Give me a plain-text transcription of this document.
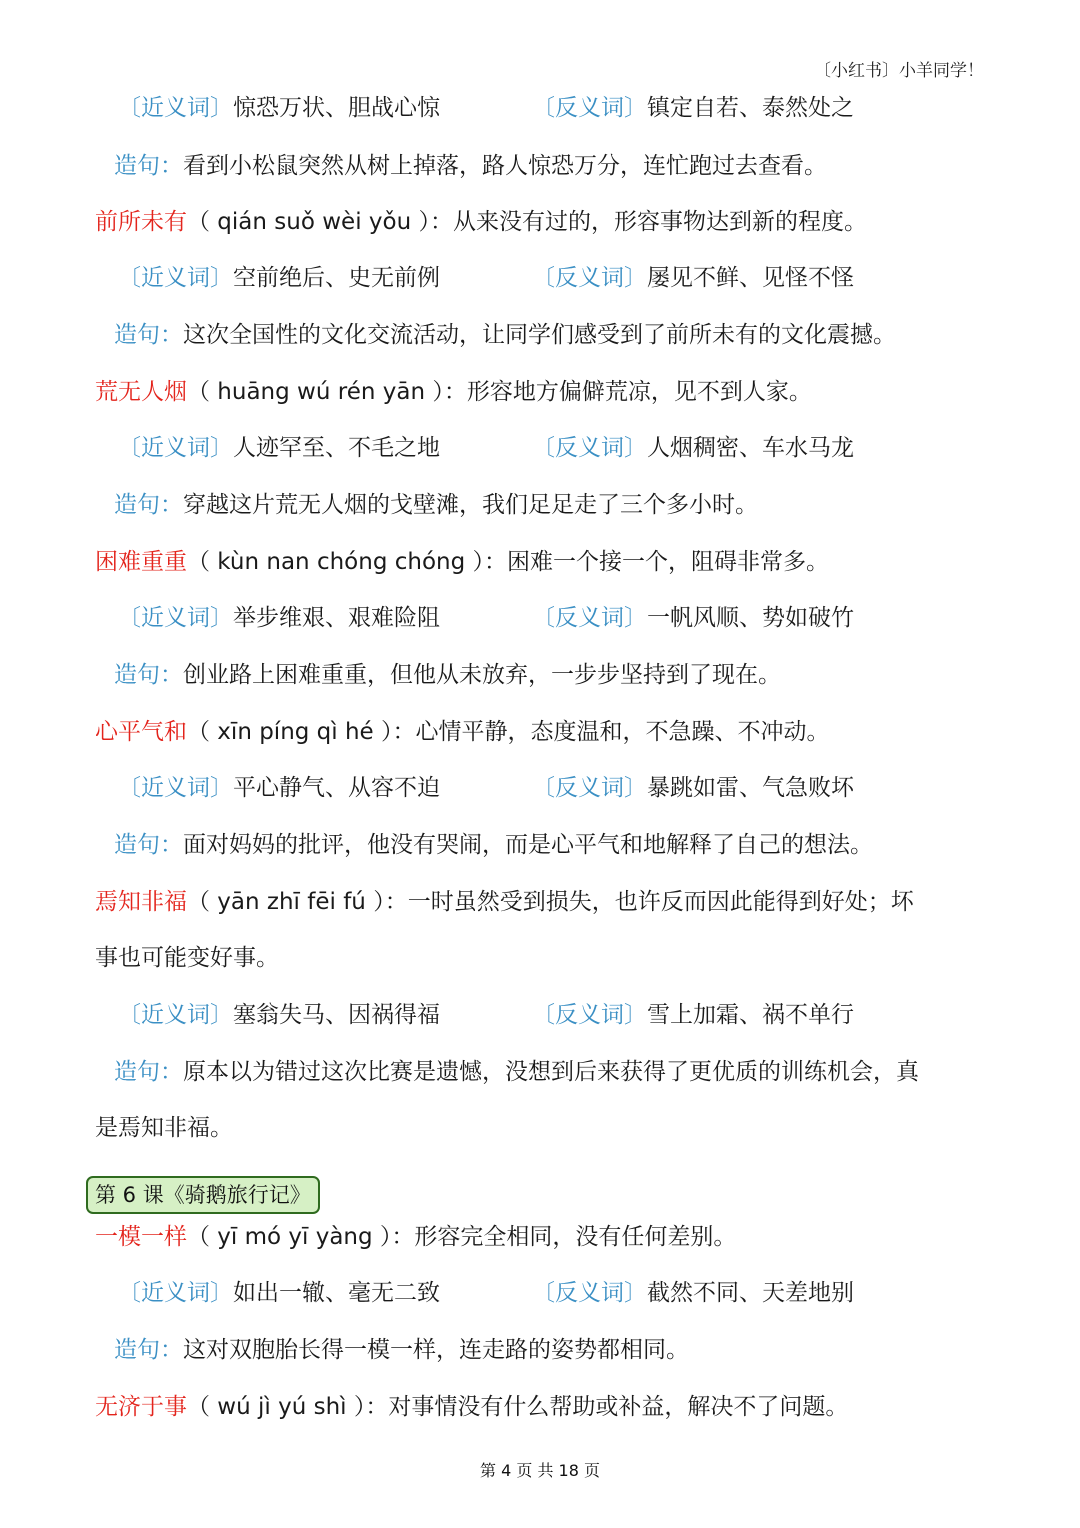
〔小红书〕小羊同学！
〔近义词〕惊恐万状、胆战心惊	〔反义词〕镇定自若、泰然处之
造句：看到小松鼠突然从树上掉落，路人惊恐万分，连忙跑过去查看。
前所未有（ qián suǒ wèi yǒu ）：从来没有过的，形容事物达到新的程度。
〔近义词〕空前绝后、史无前例	〔反义词〕屡见不鲜、见怪不怪
造句：这次全国性的文化交流活动，让同学们感受到了前所未有的文化震撼。
荒无人烟（ huāng wú rén yān ）：形容地方偏僻荒凉，见不到人家。
〔近义词〕人迹罕至、不毛之地	〔反义词〕人烟稠密、车水马龙
造句：穿越这片荒无人烟的戈壁滩，我们足足走了三个多小时。
困难重重（ kùn nan chóng chóng ）：困难一个接一个，阻碍非常多。
〔近义词〕举步维艰、艰难险阻	〔反义词〕一帆风顺、势如破竹
造句：创业路上困难重重，但他从未放弃，一步步坚持到了现在。
心平气和（ xīn píng qì hé ）：心情平静，态度温和，不急躁、不冲动。
〔近义词〕平心静气、从容不迫	〔反义词〕暴跳如雷、气急败坏
造句：面对妈妈的批评，他没有哭闹，而是心平气和地解释了自己的想法。
焉知非福（ yān zhī fēi fú ）：一时虽然受到损失，也许反而因此能得到好处；坏
事也可能变好事。
〔近义词〕塞翁失马、因祸得福	〔反义词〕雪上加霜、祸不单行
造句：原本以为错过这次比赛是遗憾，没想到后来获得了更优质的训练机会，真
是焉知非福。
第 6 课《骑鹅旅行记》
一模一样（ yī mó yī yàng ）：形容完全相同，没有任何差别。
〔近义词〕如出一辙、毫无二致	〔反义词〕截然不同、天差地别
造句：这对双胞胎长得一模一样，连走路的姿势都相同。
无济于事（ wú jì yú shì ）：对事情没有什么帮助或补益，解决不了问题。
第 4 页 共 18 页
